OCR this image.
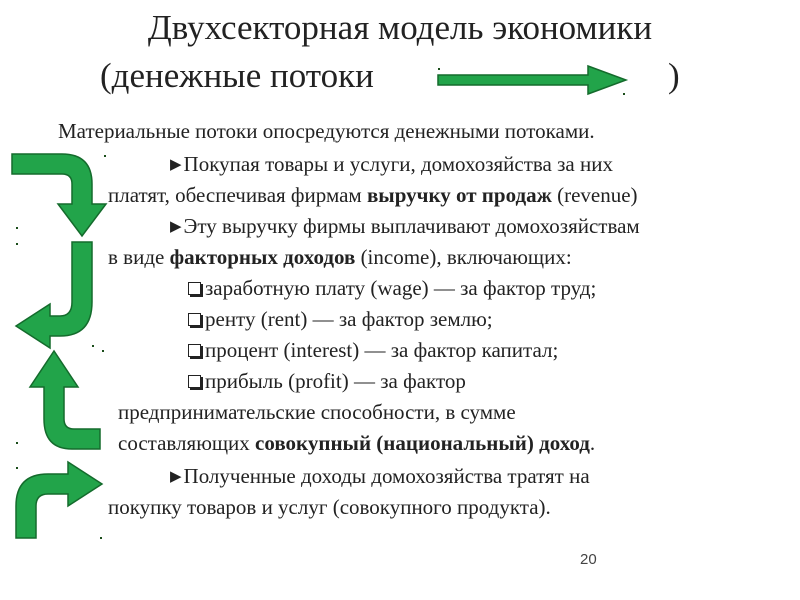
Двухсекторная модель экономики
(денежные потоки	)
Материальные потоки опосредуются денежными потоками.
▶Покупая товары и услуги, домохозяйства за них
платят, обеспечивая фирмам выручку от продаж (revenue)
▶Эту выручку фирмы выплачивают домохозяйствам
в виде факторных доходов (income), включающих:
заработную плату (wage) — за фактор труд;
ренту (rent) — за фактор землю;
процент (interest) — за фактор капитал;
прибыль (profit) — за фактор
предпринимательские способности, в сумме
составляющих совокупный (национальный) доход.
▶Полученные доходы домохозяйства тратят на
покупку товаров и услуг (совокупного продукта).
20
